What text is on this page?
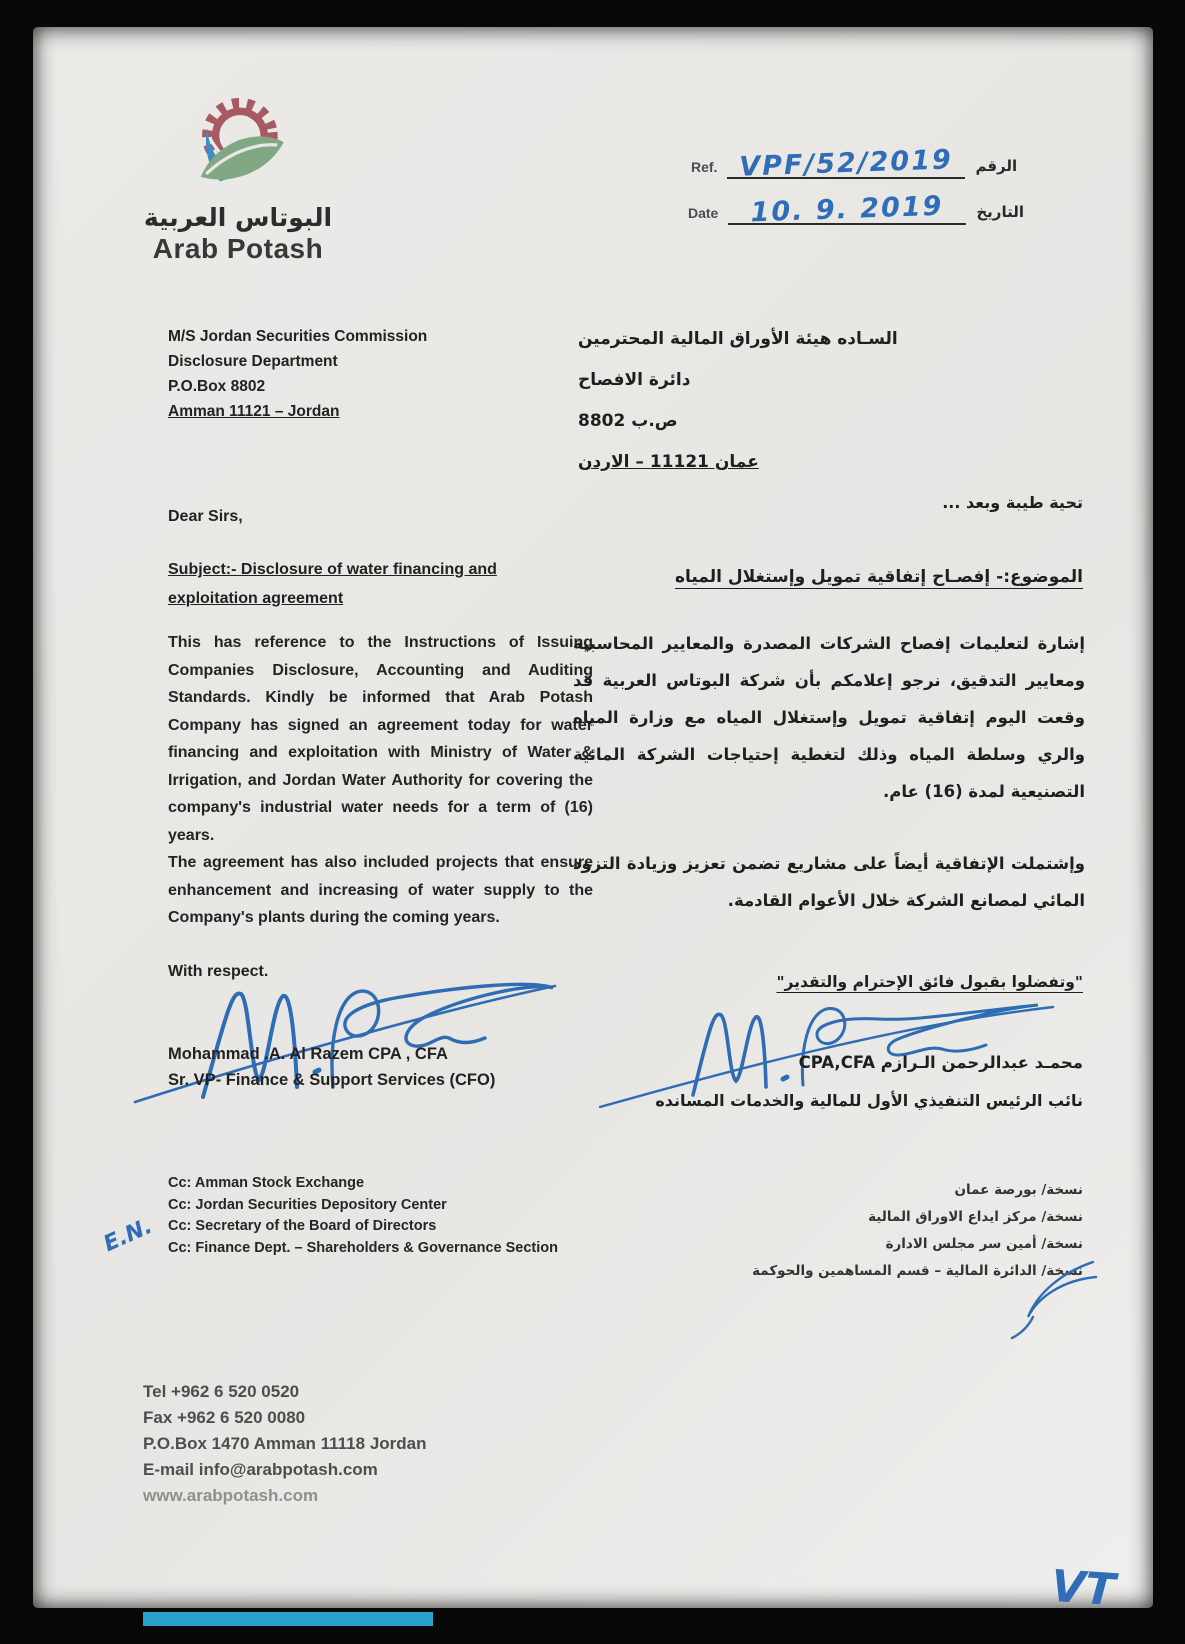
البوتاس العربية
Arab Potash
Ref. VPF/52/2019	الرقم
Date	10. 9. 2019	التاريخ
M/S Jordan Securities Commission
Disclosure Department
P.O.Box 8802
Amman 11121 – Jordan
السـاده هيئة الأوراق المالية المحترمين
دائرة الافصاح
ص.ب 8802
عمان 11121 – الاردن
Dear Sirs,
تحية طيبة وبعد ...
Subject:- Disclosure of water financing and
exploitation agreement
الموضوع:- إفصـاح إتفاقية تمويل وإستغلال المياه
This has reference to the Instructions of Issuing Companies Disclosure, Accounting and Auditing Standards. Kindly be informed that Arab Potash Company has signed an agreement today for water financing and exploitation with Ministry of Water & Irrigation, and Jordan Water Authority for covering the company's industrial water needs for a term of (16) years.
The agreement has also included projects that ensure enhancement and increasing of water supply to the Company's plants during the coming years.
إشارة لتعليمات إفصاح الشركات المصدرة والمعايير المحاسبية ومعايير التدقيق، نرجو إعلامكم بأن شركة البوتاس العربية قد وقعت اليوم إتفاقية تمويل وإستغلال المياه مع وزارة المياه والري وسلطة المياه وذلك لتغطية إحتياجات الشركة المائية التصنيعية لمدة (16) عام.
وإشتملت الإتفاقية أيضاً على مشاريع تضمن تعزيز وزيادة التزود المائي لمصانع الشركة خلال الأعوام القادمة.
With respect.
"وتفضلوا بقبول فائق الإحترام والتقدير"
Mohammad .A. Al Razem CPA , CFA
Sr. VP- Finance & Support Services (CFO)
محمـد عبدالرحمن الـرازم CPA,CFA
نائب الرئيس التنفيذي الأول للمالية والخدمات المسانده
Cc: Amman Stock Exchange
Cc: Jordan Securities Depository Center
Cc: Secretary of the Board of Directors
Cc: Finance Dept. – Shareholders & Governance Section
نسخة/ بورصة عمان
نسخة/ مركز ايداع الاوراق المالية
نسخة/ أمين سر مجلس الادارة
نسخة/ الدائرة المالية – قسم المساهمين والحوكمة
E.N.
VT
Tel +962 6 520 0520
Fax +962 6 520 0080
P.O.Box 1470 Amman 11118 Jordan
E-mail info@arabpotash.com
www.arabpotash.com
